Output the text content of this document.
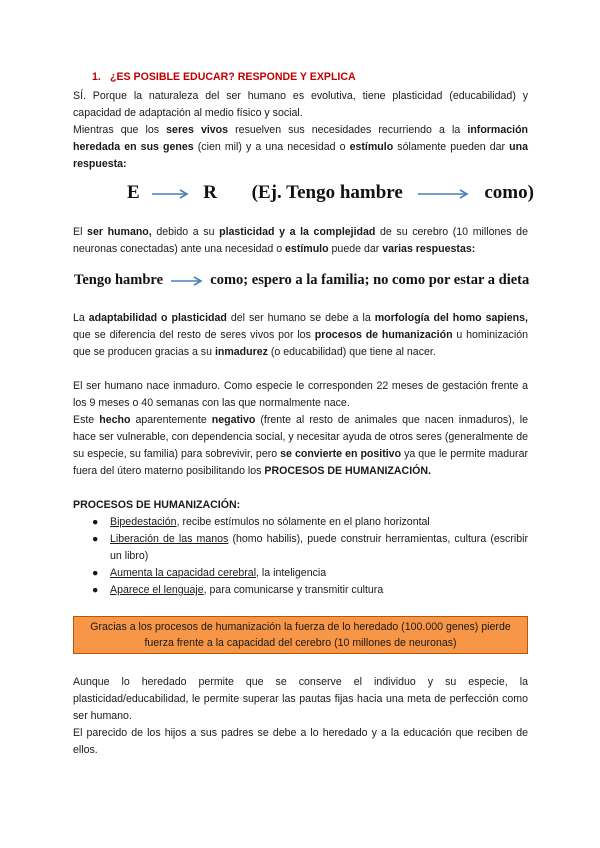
1. ¿ES POSIBLE EDUCAR? RESPONDE Y EXPLICA
SÍ. Porque la naturaleza del ser humano es evolutiva, tiene plasticidad (educabilidad) y capacidad de adaptación al medio físico y social.
Mientras que los seres vivos resuelven sus necesidades recurriendo a la información heredada en sus genes (cien mil) y a una necesidad o estímulo sólamente pueden dar una respuesta:
E	R (Ej. Tengo hambre	como)
El ser humano, debido a su plasticidad y a la complejidad de su cerebro (10 millones de neuronas conectadas) ante una necesidad o estímulo puede dar varias respuestas:
Tengo hambre	como; espero a la familia; no como por estar a dieta
La adaptabilidad o plasticidad del ser humano se debe a la morfología del homo sapiens, que se diferencia del resto de seres vivos por los procesos de humanización u hominización que se producen gracias a su inmadurez (o educabilidad) que tiene al nacer.
El ser humano nace inmaduro. Como especie le corresponden 22 meses de gestación frente a los 9 meses o 40 semanas con las que normalmente nace.
Este hecho aparentemente negativo (frente al resto de animales que nacen inmaduros), le hace ser vulnerable, con dependencia social, y necesitar ayuda de otros seres (generalmente de su especie, su familia) para sobrevivir, pero se convierte en positivo ya que le permite madurar fuera del útero materno posibilitando los PROCESOS DE HUMANIZACIÓN.
PROCESOS DE HUMANIZACIÓN:
● Bipedestación, recibe estímulos no sólamente en el plano horizontal
● Liberación de las manos (homo habilis), puede construir herramientas, cultura (escribir un libro)
● Aumenta la capacidad cerebral, la inteligencia
● Aparece el lenguaje, para comunicarse y transmitir cultura
Gracias a los procesos de humanización la fuerza de lo heredado (100.000 genes) pierde
fuerza frente a la capacidad del cerebro (10 millones de neuronas)
Aunque lo heredado permite que se conserve el individuo y su especie, la plasticidad/educabilidad, le permite superar las pautas fijas hacia una meta de perfección como ser humano.
El parecido de los hijos a sus padres se debe a lo heredado y a la educación que reciben de ellos.
